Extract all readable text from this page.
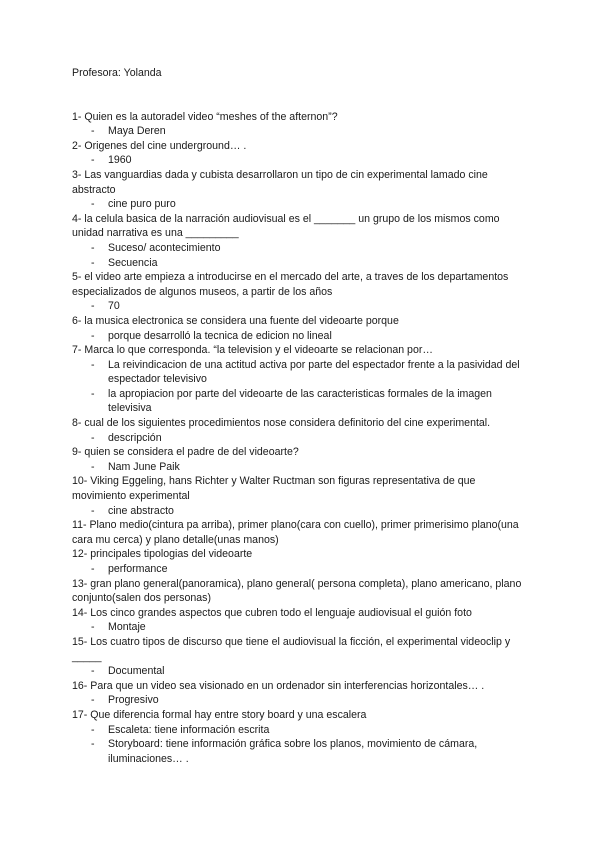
Profesora: Yolanda
1- Quien es la autoradel video “meshes of the afternon”?
- Maya Deren
2- Origenes del cine underground… .
- 1960
3- Las vanguardias dada y cubista desarrollaron un tipo de cin experimental lamado cine abstracto
- cine puro puro
4- la celula basica de la narración audiovisual es el _______ un grupo de los mismos como unidad narrativa es una _________
- Suceso/ acontecimiento
- Secuencia
5- el video arte empieza a introducirse en el mercado del arte, a traves de los departamentos especializados de algunos museos, a partir de los años
- 70
6- la musica electronica se considera una fuente del videoarte porque
- porque desarrolló la tecnica de edicion no lineal
7- Marca lo que corresponda. “la television y el videoarte se relacionan por…
- La reivindicacion de una actitud activa por parte del espectador frente a la pasividad del espectador televisivo
- la apropiacion por parte del videoarte de las caracteristicas formales de la imagen televisiva
8- cual de los siguientes procedimientos nose considera definitorio del cine experimental.
- descripción
9- quien se considera el padre de del videoarte?
- Nam June Paik
10- Viking Eggeling, hans Richter y Walter Ructman son figuras representativa de que movimiento experimental
- cine abstracto
11- Plano medio(cintura pa arriba), primer plano(cara con cuello), primer primerisimo plano(una cara mu cerca) y plano detalle(unas manos)
12- principales tipologias del videoarte
- performance
13- gran plano general(panoramica), plano general( persona completa), plano americano, plano conjunto(salen dos personas)
14- Los cinco grandes aspectos que cubren todo el lenguaje audiovisual el guión foto
- Montaje
15- Los cuatro tipos de discurso que tiene el audiovisual la ficción, el experimental videoclip y _____
- Documental
16- Para que un video sea visionado en un ordenador sin interferencias horizontales… .
- Progresivo
17- Que diferencia formal hay entre story board y una escalera
- Escaleta: tiene información escrita
- Storyboard: tiene información gráfica sobre los planos, movimiento de cámara, iluminaciones… .
